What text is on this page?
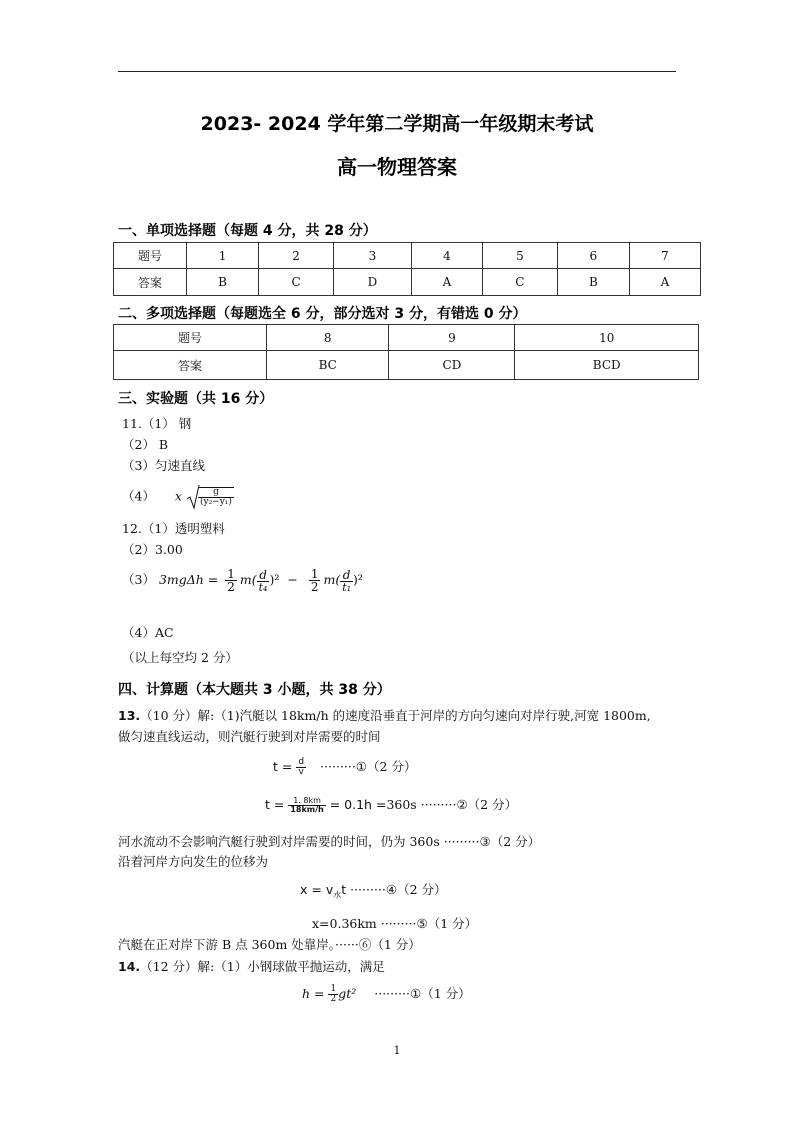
2023- 2024 学年第二学期高一年级期末考试
高一物理答案
一、单项选择题（每题 4 分，共 28 分）
题号	1	2	3	4	5	6	7
答案	B	C	D	A	C	B	A
二、多项选择题（每题选全 6 分，部分选对 3 分，有错选 0 分）
题号	8	9	10
答案	BC	CD	BCD
三、实验题（共 16 分）
11.（1） 钢
（2） B
（3）匀速直线
（4） x $\frac{g}{\text{(y₂−y₁)}}$
12.（1）透明塑料
（2）3.00
（3） $3mg\Delta h = \frac{1}{2} m( \frac{d}{\text{t₄}} )^2 - \frac{1}{2} m( \frac{d}{\text{t₁}} )^2$
（4）AC
（以上每空均 2 分）
四、计算题（本大题共 3 小题，共 38 分）
13.（10 分）解:（1)汽艇以 18km/h 的速度沿垂直于河岸的方向匀速向对岸行驶,河宽 1800m,
做匀速直线运动，则汽艇行驶到对岸需要的时间
$t = \frac{d}{v}$ ·········①（2 分）
$t = \frac{1. 8km}{18km/h} = 0.1h =360s$ ·········②（2 分）
河水流动不会影响汽艇行驶到对岸需要的时间，仍为 360s ·········③（2 分）
沿着河岸方向发生的位移为
$x = v_水t$ ·········④（2 分）
x=0.36km ·········⑤（1 分）
汽艇在正对岸下游 B 点 360m 处靠岸。······⑥（1 分）
14.（12 分）解:（1）小钢球做平抛运动，满足
$h = \frac{1}{2} gt^2$ ·········①（1 分）
1
